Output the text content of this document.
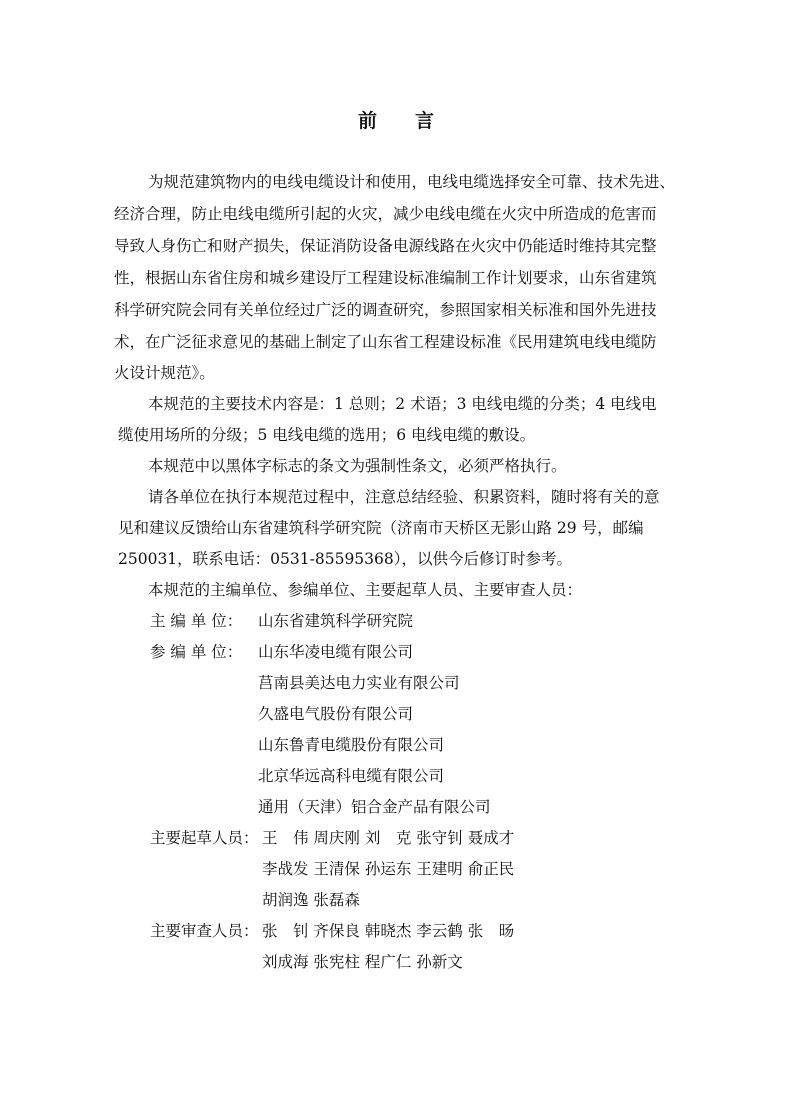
前言
为规范建筑物内的电线电缆设计和使用，电线电缆选择安全可靠、技术先进、
经济合理，防止电线电缆所引起的火灾，减少电线电缆在火灾中所造成的危害而
导致人身伤亡和财产损失，保证消防设备电源线路在火灾中仍能适时维持其完整
性，根据山东省住房和城乡建设厅工程建设标准编制工作计划要求，山东省建筑
科学研究院会同有关单位经过广泛的调查研究，参照国家相关标准和国外先进技
术，在广泛征求意见的基础上制定了山东省工程建设标准《民用建筑电线电缆防
火设计规范》。
本规范的主要技术内容是：1 总则；2 术语；3 电线电缆的分类；4 电线电
缆使用场所的分级；5 电线电缆的选用；6 电线电缆的敷设。
本规范中以黑体字标志的条文为强制性条文，必须严格执行。
请各单位在执行本规范过程中，注意总结经验、积累资料，随时将有关的意
见和建议反馈给山东省建筑科学研究院（济南市天桥区无影山路 29 号，邮编
250031，联系电话：0531-85595368），以供今后修订时参考。
本规范的主编单位、参编单位、主要起草人员、主要审查人员：
主 编 单 位： 山东省建筑科学研究院
参 编 单 位： 山东华凌电缆有限公司
莒南县美达电力实业有限公司
久盛电气股份有限公司
山东鲁青电缆股份有限公司
北京华远高科电缆有限公司
通用（天津）铝合金产品有限公司
主要起草人员： 王　伟 周庆刚 刘　克 张守钊 聂成才
李战发 王清保 孙运东 王建明 俞正民
胡润逸 张磊森
主要审查人员： 张　钊 齐保良 韩晓杰 李云鹤 张　旸
刘成海 张宪柱 程广仁 孙新文
